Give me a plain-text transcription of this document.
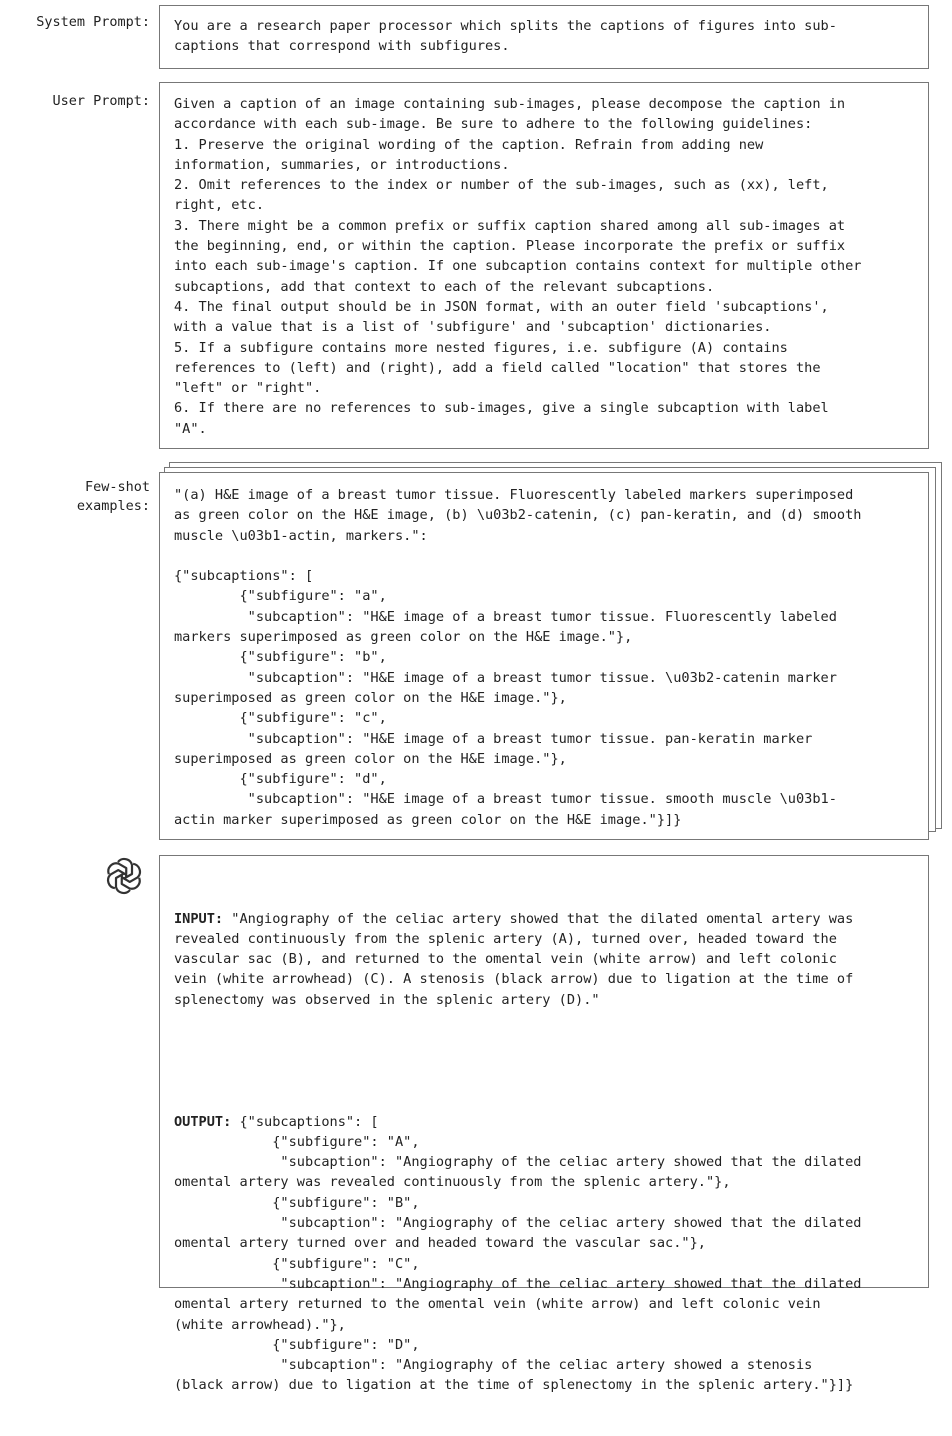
System Prompt:
User Prompt:
Few-shot
examples:
You are a research paper processor which splits the captions of figures into sub-
captions that correspond with subfigures.
Given a caption of an image containing sub-images, please decompose the caption in
accordance with each sub-image. Be sure to adhere to the following guidelines:
1. Preserve the original wording of the caption. Refrain from adding new
information, summaries, or introductions.
2. Omit references to the index or number of the sub-images, such as (xx), left,
right, etc.
3. There might be a common prefix or suffix caption shared among all sub-images at
the beginning, end, or within the caption. Please incorporate the prefix or suffix
into each sub-image's caption. If one subcaption contains context for multiple other
subcaptions, add that context to each of the relevant subcaptions.
4. The final output should be in JSON format, with an outer field 'subcaptions',
with a value that is a list of 'subfigure' and 'subcaption' dictionaries.
5. If a subfigure contains more nested figures, i.e. subfigure (A) contains
references to (left) and (right), add a field called "location" that stores the
"left" or "right".
6. If there are no references to sub-images, give a single subcaption with label
"A".
"(a) H&E image of a breast tumor tissue. Fluorescently labeled markers superimposed
as green color on the H&E image, (b) \u03b2-catenin, (c) pan-keratin, and (d) smooth
muscle \u03b1-actin, markers.":
{"subcaptions": [
{"subfigure": "a",
"subcaption": "H&E image of a breast tumor tissue. Fluorescently labeled
markers superimposed as green color on the H&E image."},
{"subfigure": "b",
"subcaption": "H&E image of a breast tumor tissue. \u03b2-catenin marker
superimposed as green color on the H&E image."},
{"subfigure": "c",
"subcaption": "H&E image of a breast tumor tissue. pan-keratin marker
superimposed as green color on the H&E image."},
{"subfigure": "d",
"subcaption": "H&E image of a breast tumor tissue. smooth muscle \u03b1-
actin marker superimposed as green color on the H&E image."}]}

INPUT: "Angiography of the celiac artery showed that the dilated omental artery was
revealed continuously from the splenic artery (A), turned over, headed toward the
vascular sac (B), and returned to the omental vein (white arrow) and left colonic
vein (white arrowhead) (C). A stenosis (black arrow) due to ligation at the time of
splenectomy was observed in the splenic artery (D)."

OUTPUT: {"subcaptions": [
{"subfigure": "A",
"subcaption": "Angiography of the celiac artery showed that the dilated
omental artery was revealed continuously from the splenic artery."},
{"subfigure": "B",
"subcaption": "Angiography of the celiac artery showed that the dilated
omental artery turned over and headed toward the vascular sac."},
{"subfigure": "C",
"subcaption": "Angiography of the celiac artery showed that the dilated
omental artery returned to the omental vein (white arrow) and left colonic vein
(white arrowhead)."},
{"subfigure": "D",
"subcaption": "Angiography of the celiac artery showed a stenosis
(black arrow) due to ligation at the time of splenectomy in the splenic artery."}]}
